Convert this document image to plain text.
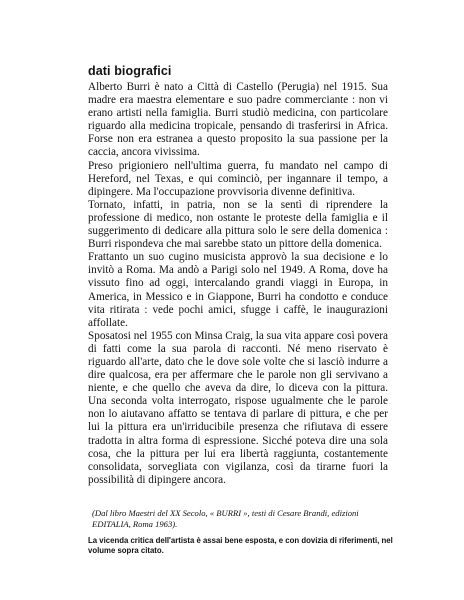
dati biografici

Alberto Burri è nato a Città di Castello (Perugia) nel 1915. Sua madre era maestra elementare e suo padre commerciante : non vi erano artisti nella famiglia. Burri studiò medicina, con particolare riguardo alla medicina tropicale, pensando di trasferirsi in Africa. Forse non era estranea a questo proposito la sua passione per la caccia, ancora vivissima.

Preso prigioniero nell'ultima guerra, fu mandato nel campo di Hereford, nel Texas, e qui cominciò, per ingannare il tempo, a dipingere. Ma l'occupazione provvisoria divenne definitiva.

Tornato, infatti, in patria, non se la sentì di riprendere la professione di medico, non ostante le proteste della famiglia e il suggerimento di dedicare alla pittura solo le sere della domenica : Burri rispondeva che mai sarebbe stato un pittore della domenica.

Frattanto un suo cugino musicista approvò la sua decisione e lo invitò a Roma. Ma andò a Parigi solo nel 1949. A Roma, dove ha vissuto fino ad oggi, intercalando grandi viaggi in Europa, in America, in Messico e in Giappone, Burri ha condotto e conduce vita ritirata : vede pochi amici, sfugge i caffè, le inaugurazioni affollate.

Sposatosi nel 1955 con Minsa Craig, la sua vita appare così povera di fatti come la sua parola di racconti. Né meno riservato è riguardo all'arte, dato che le dove sole volte che si lasciò indurre a dire qualcosa, era per affermare che le parole non gli servivano a niente, e che quello che aveva da dire, lo diceva con la pittura. Una seconda volta interrogato, rispose ugualmente che le parole non lo aiutavano affatto se tentava di parlare di pittura, e che per lui la pittura era un'irriducibile presenza che rifiutava di essere tradotta in altra forma di espressione. Sicché poteva dire una sola cosa, che la pittura per lui era libertà raggiunta, costantemente consolidata, sorvegliata con vigilanza, così da tirarne fuori la possibilità di dipingere ancora.

(Dal libro Maestri del XX Secolo, « BURRI », testi di Cesare Brandi, edizioni EDITALIA, Roma 1963).
La vicenda critica dell'artista è assai bene esposta, e con dovizia di riferimenti, nel volume sopra citato.
